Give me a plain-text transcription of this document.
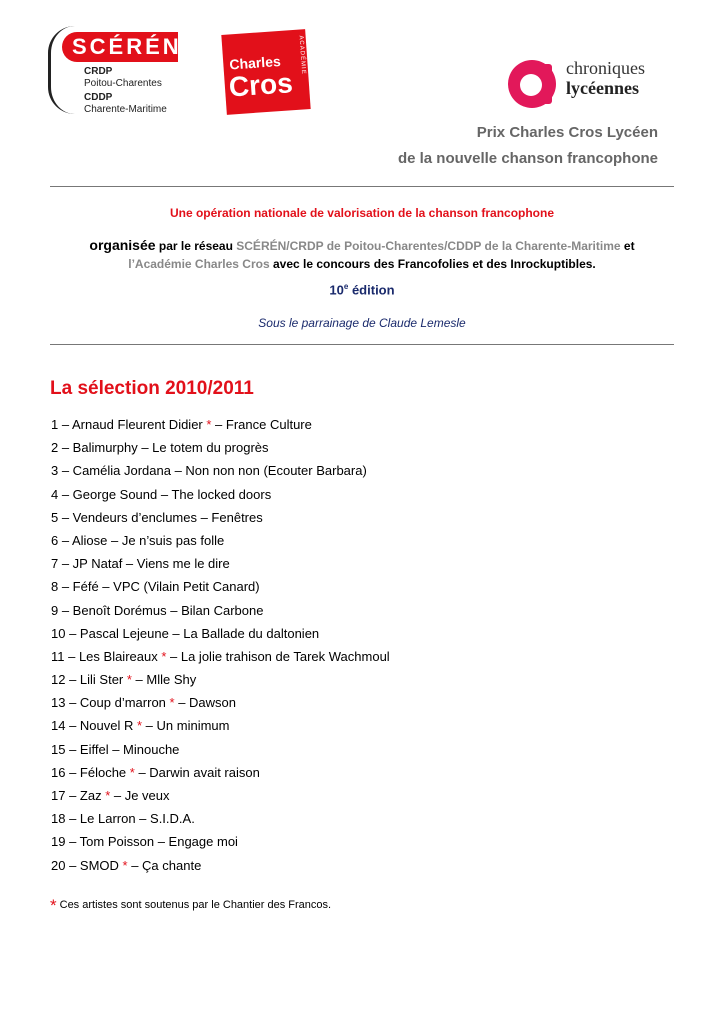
SCÉRÉN
CRDP
Poitou-Charentes
CDDP
Charente-Maritime
ACADÉMIE
Charles
Cros	chroniques
lycéennes
Prix Charles Cros Lycéen
de la nouvelle chanson francophone
Une opération nationale de valorisation de la chanson francophone
organisée par le réseau SCÉRÉN/CRDP de Poitou-Charentes/CDDP de la Charente-Maritime et
l’Académie Charles Cros avec le concours des Francofolies et des Inrockuptibles.
10e édition
Sous le parrainage de Claude Lemesle
La sélection 2010/2011
1 – Arnaud Fleurent Didier * – France Culture
2 – Balimurphy – Le totem du progrès
3 – Camélia Jordana – Non non non (Ecouter Barbara)
4 – George Sound – The locked doors
5 – Vendeurs d’enclumes – Fenêtres
6 – Aliose – Je n’suis pas folle
7 – JP Nataf – Viens me le dire
8 – Féfé – VPC (Vilain Petit Canard)
9 – Benoît Dorémus – Bilan Carbone
10 – Pascal Lejeune – La Ballade du daltonien
11 – Les Blaireaux * – La jolie trahison de Tarek Wachmoul
12 – Lili Ster * – Mlle Shy
13 – Coup d’marron * – Dawson
14 – Nouvel R * – Un minimum
15 – Eiffel – Minouche
16 – Féloche * – Darwin avait raison
17 – Zaz * – Je veux
18 – Le Larron – S.I.D.A.
19 – Tom Poisson – Engage moi
20 – SMOD * – Ça chante
* Ces artistes sont soutenus par le Chantier des Francos.
